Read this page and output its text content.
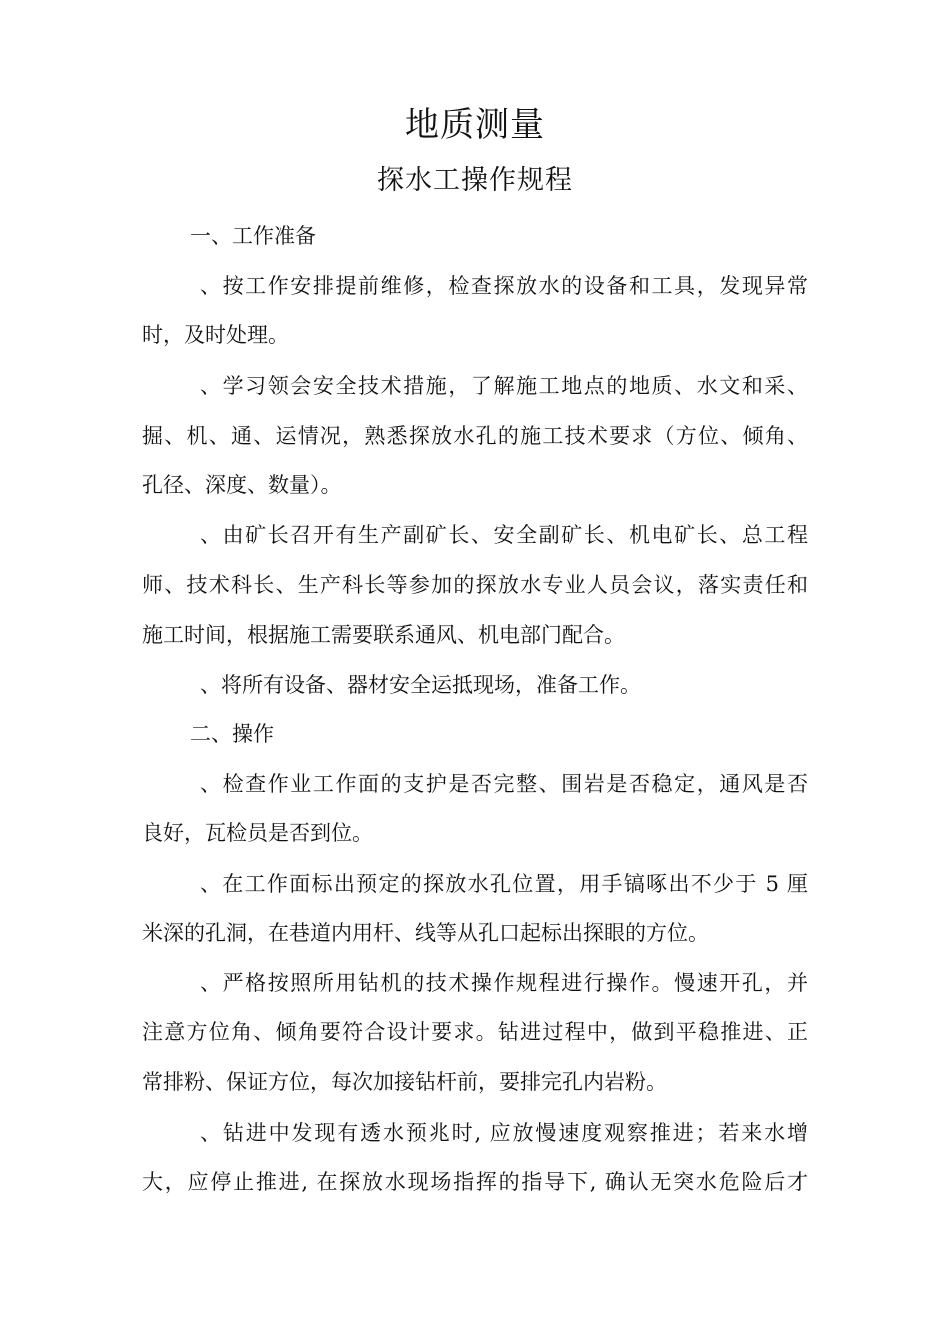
地质测量
探水工操作规程

一、工作准备

、按工作安排提前维修，检查探放水的设备和工具，发现异常

时，及时处理。

、学习领会安全技术措施，了解施工地点的地质、水文和采、

掘、机、通、运情况，熟悉探放水孔的施工技术要求（方位、倾角、

孔径、深度、数量）。

、由矿长召开有生产副矿长、安全副矿长、机电矿长、总工程

师、技术科长、生产科长等参加的探放水专业人员会议，落实责任和

施工时间，根据施工需要联系通风、机电部门配合。

、将所有设备、器材安全运抵现场，准备工作。

二、操作

、检查作业工作面的支护是否完整、围岩是否稳定，通风是否

良好，瓦检员是否到位。

、在工作面标出预定的探放水孔位置，用手镐啄出不少于 5 厘

米深的孔洞，在巷道内用杆、线等从孔口起标出探眼的方位。

、严格按照所用钻机的技术操作规程进行操作。慢速开孔，并

注意方位角、倾角要符合设计要求。钻进过程中，做到平稳推进、正

常排粉、保证方位，每次加接钻杆前，要排完孔内岩粉。

、钻进中发现有透水预兆时, 应放慢速度观察推进；若来水增

大，应停止推进, 在探放水现场指挥的指导下, 确认无突水危险后才
